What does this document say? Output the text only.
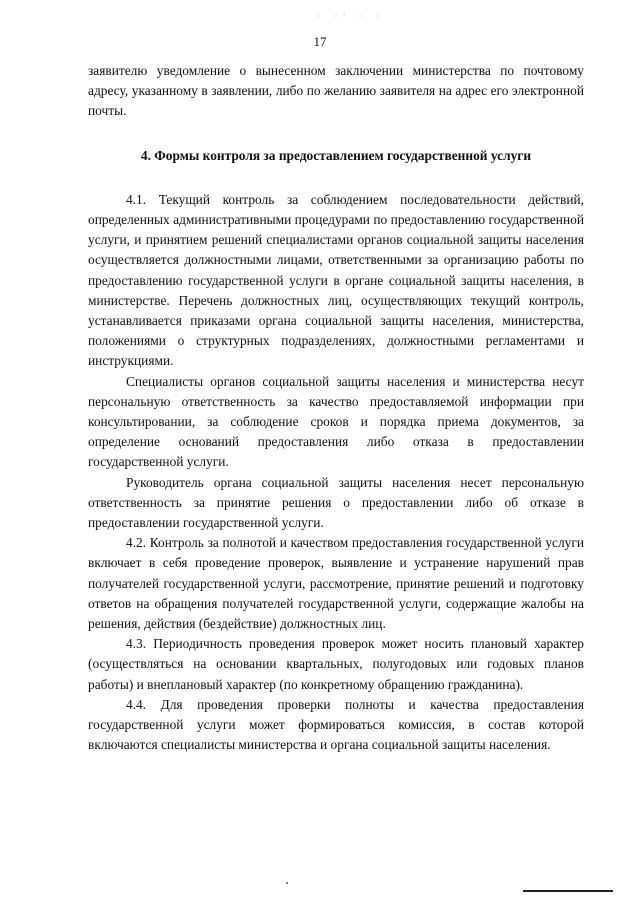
· ·' · ·
17

заявителю уведомление о вынесенном заключении министерства по почтовому адресу, указанному в заявлении, либо по желанию заявителя на адрес его электронной почты.

4. Формы контроля за предоставлением государственной услуги

4.1. Текущий контроль за соблюдением последовательности действий, определенных административными процедурами по предоставлению государственной услуги, и принятием решений специалистами органов социальной защиты населения осуществляется должностными лицами, ответственными за организацию работы по предоставлению государственной услуги в органе социальной защиты населения, в министерстве. Перечень должностных лиц, осуществляющих текущий контроль, устанавливается приказами органа социальной защиты населения, министерства, положениями о структурных подразделениях, должностными регламентами и инструкциями.

Специалисты органов социальной защиты населения и министерства несут персональную ответственность за качество предоставляемой информации при консультировании, за соблюдение сроков и порядка приема документов, за определение оснований предоставления либо отказа в предоставлении государственной услуги.

Руководитель органа социальной защиты населения несет персональную ответственность за принятие решения о предоставлении либо об отказе в предоставлении государственной услуги.

4.2. Контроль за полнотой и качеством предоставления государственной услуги включает в себя проведение проверок, выявление и устранение нарушений прав получателей государственной услуги, рассмотрение, принятие решений и подготовку ответов на обращения получателей государственной услуги, содержащие жалобы на решения, действия (бездействие) должностных лиц.

4.3. Периодичность проведения проверок может носить плановый характер (осуществляться на основании квартальных, полугодовых или годовых планов работы) и внеплановый характер (по конкретному обращению гражданина).

4.4. Для проведения проверки полноты и качества предоставления государственной услуги может формироваться комиссия, в состав которой включаются специалисты министерства и органа социальной защиты населения.
